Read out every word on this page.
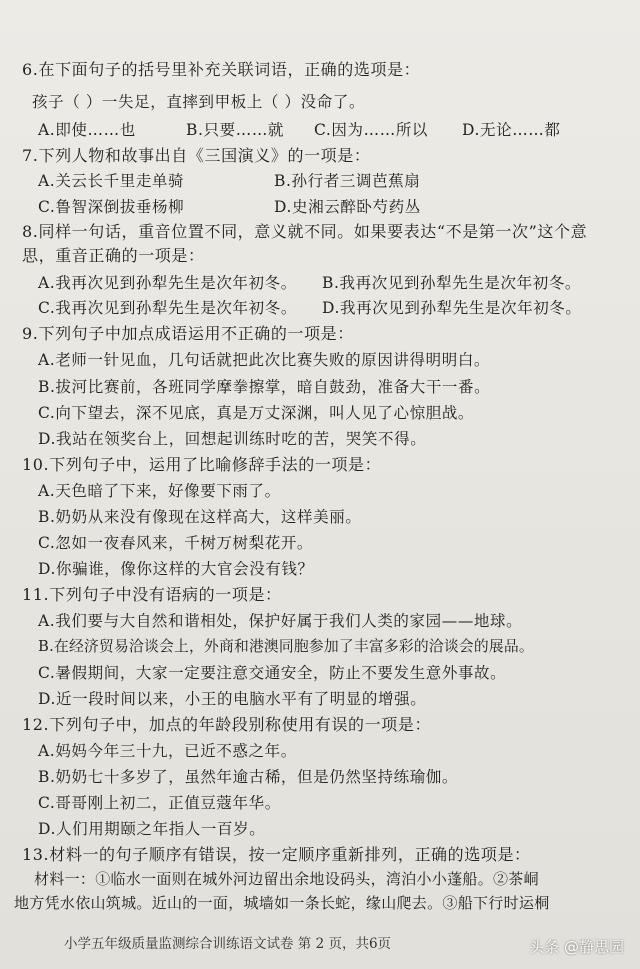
6.在下面句子的括号里补充关联词语，正确的选项是：
孩子（ ）一失足，直摔到甲板上（ ）没命了。
A.即使……也	B.只要……就 C.因为……所以 D.无论……都
7.下列人物和故事出自《三国演义》的一项是：
A.关云长千里走单骑	B.孙行者三调芭蕉扇
C.鲁智深倒拔垂杨柳	D.史湘云醉卧芍药丛
8.同样一句话，重音位置不同，意义就不同。如果要表达“不是第一次”这个意
思，重音正确的一项是：
A.我再次见到孙犁先生是次年初冬。 B.我再次见到孙犁先生是次年初冬。
C.我再次见到孙犁先生是次年初冬。 D.我再次见到孙犁先生是次年初冬。
9.下列句子中加点成语运用不正确的一项是：
A.老师一针见血，几句话就把此次比赛失败的原因讲得明明白。
B.拔河比赛前，各班同学摩拳擦掌，暗自鼓劲，准备大干一番。
C.向下望去，深不见底，真是万丈深渊，叫人见了心惊胆战。
D.我站在领奖台上，回想起训练时吃的苦，哭笑不得。
10.下列句子中，运用了比喻修辞手法的一项是：
A.天色暗了下来，好像要下雨了。
B.奶奶从来没有像现在这样高大，这样美丽。
C.忽如一夜春风来，千树万树梨花开。
D.你骗谁，像你这样的大官会没有钱？
11.下列句子中没有语病的一项是：
A.我们要与大自然和谐相处，保护好属于我们人类的家园——地球。
B.在经济贸易洽谈会上，外商和港澳同胞参加了丰富多彩的洽谈会的展品。
C.暑假期间，大家一定要注意交通安全，防止不要发生意外事故。
D.近一段时间以来，小王的电脑水平有了明显的增强。
12.下列句子中，加点的年龄段别称使用有误的一项是：
A.妈妈今年三十九，已近不惑之年。
B.奶奶七十多岁了，虽然年逾古稀，但是仍然坚持练瑜伽。
C.哥哥刚上初二，正值豆蔻年华。
D.人们用期颐之年指人一百岁。
13.材料一的句子顺序有错误，按一定顺序重新排列，正确的选项是：
材料一：①临水一面则在城外河边留出余地设码头，湾泊小小蓬船。②茶峒
地方凭水依山筑城。近山的一面，城墙如一条长蛇，缘山爬去。③船下行时运桐
小学五年级质量监测综合训练语文试卷 第 2 页，共6页	头条 @静思园
